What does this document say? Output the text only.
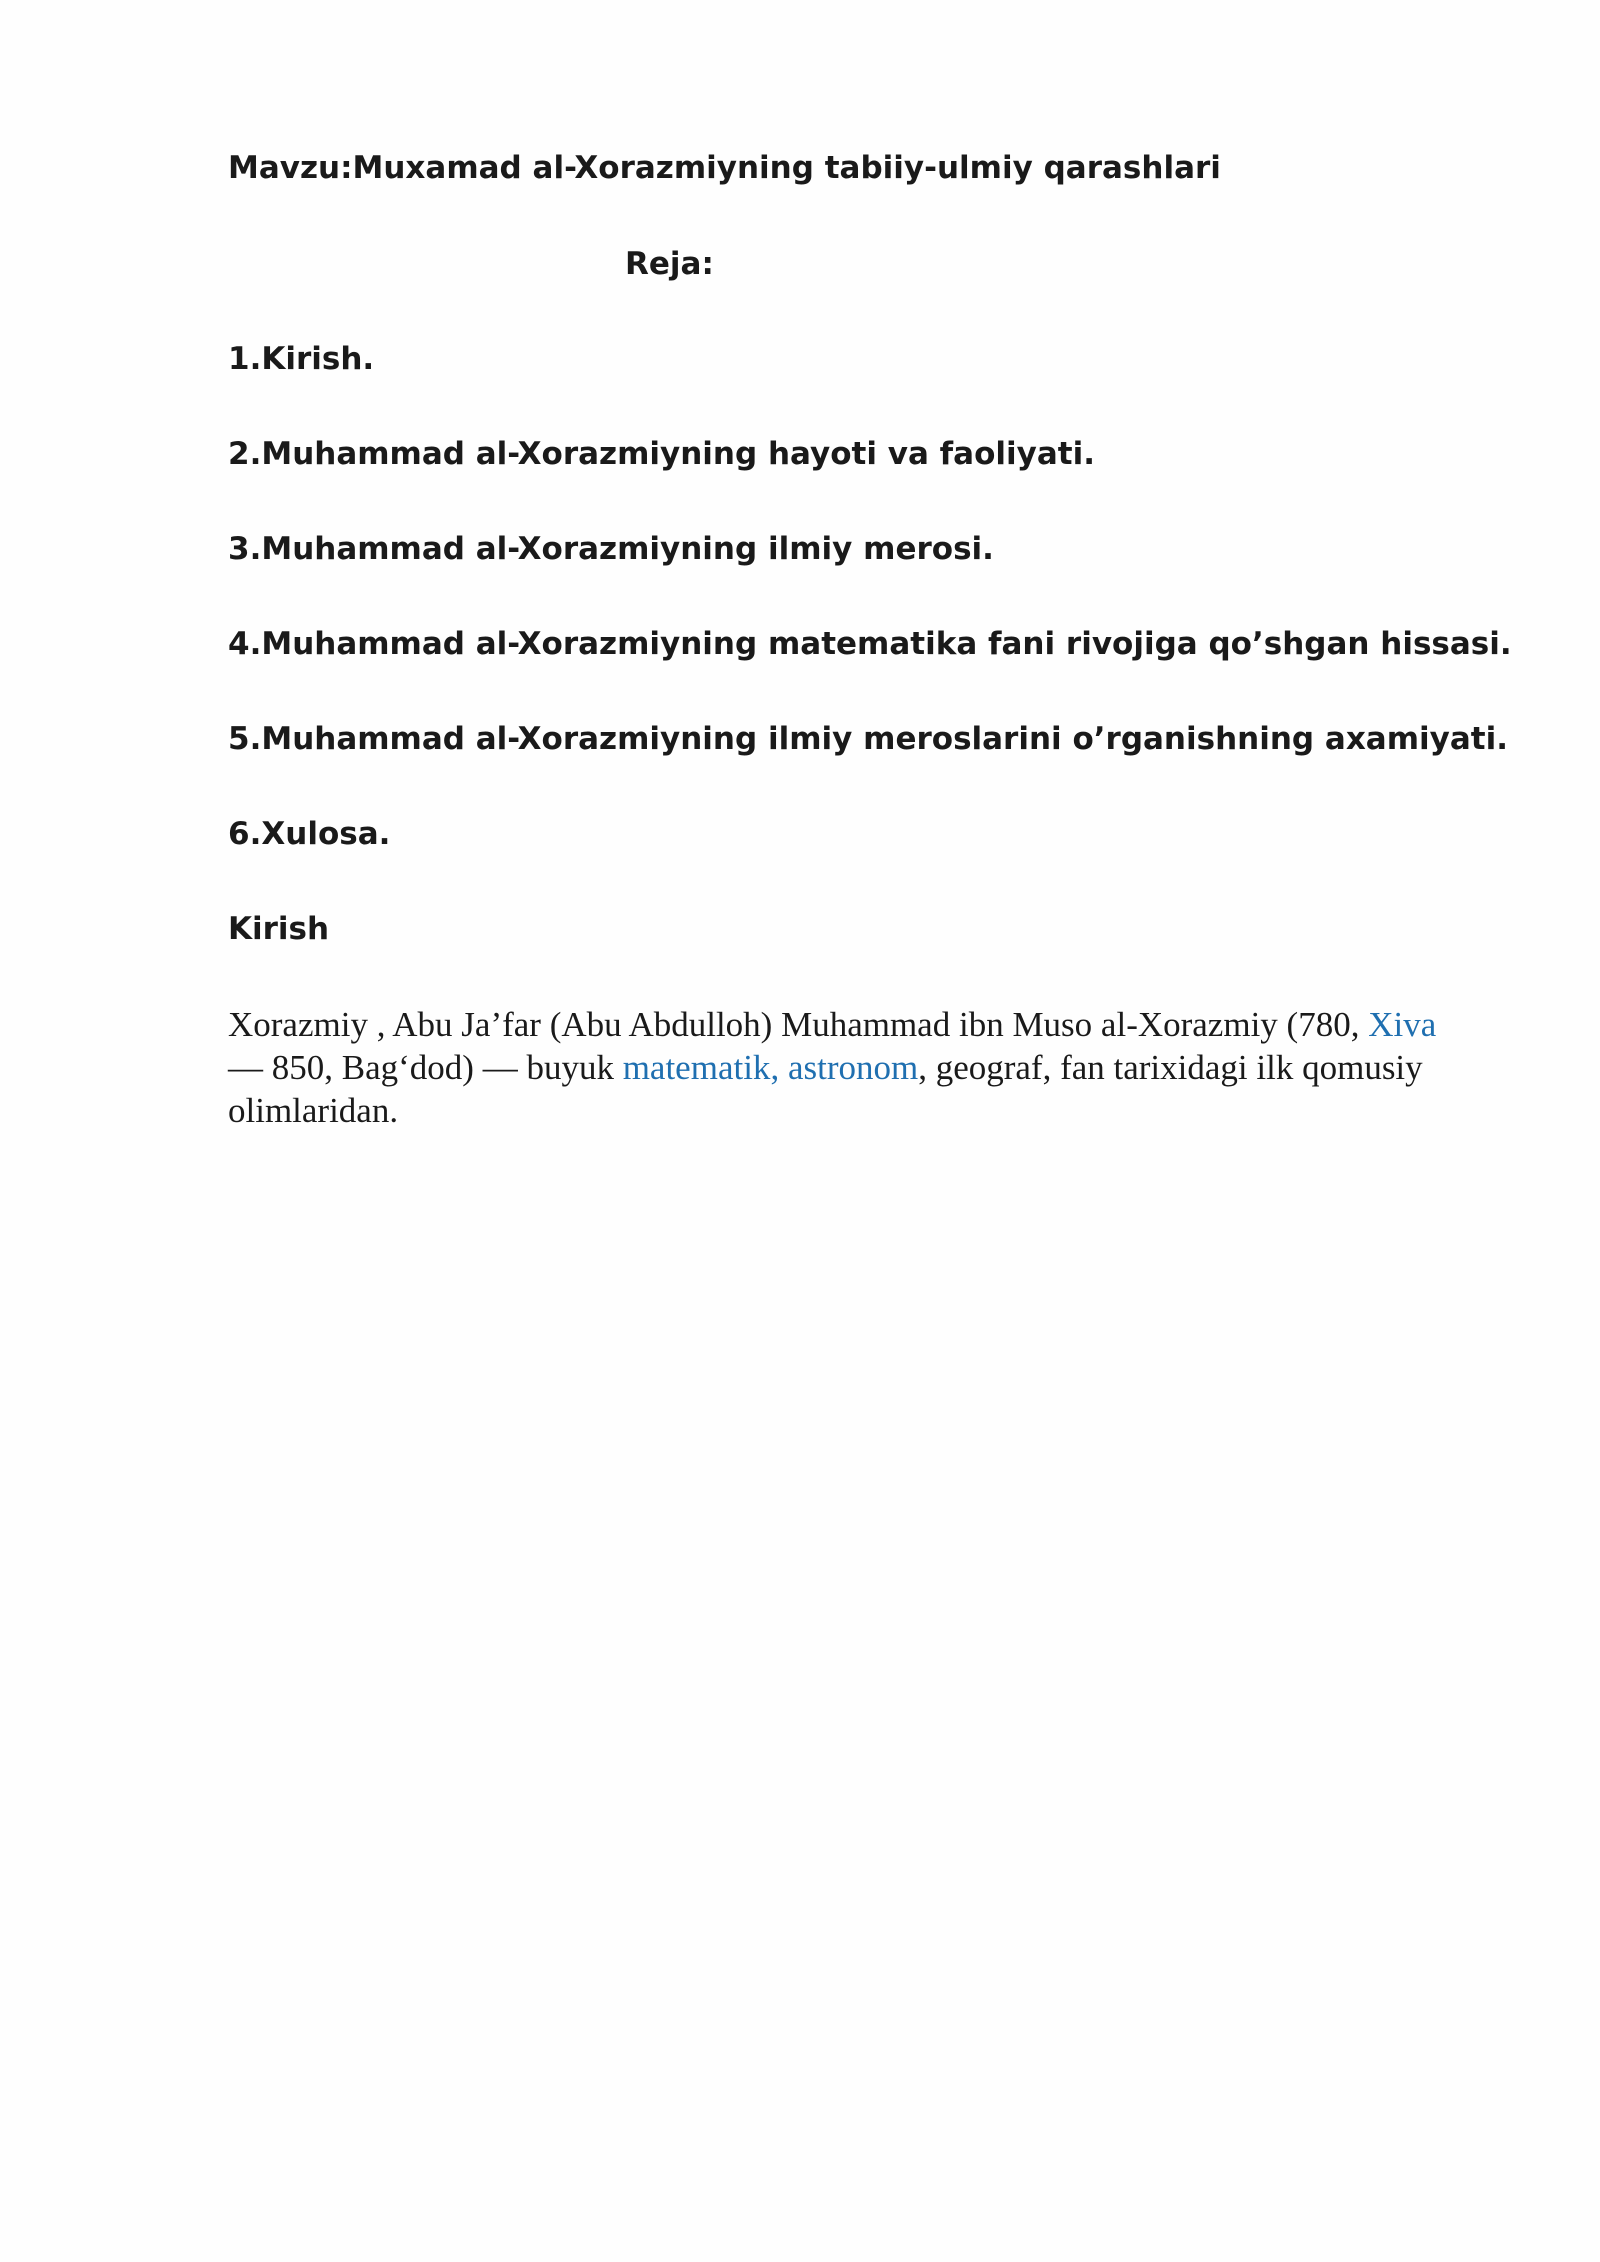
Mavzu:Muxamad al-Xorazmiyning tabiiy-ulmiy qarashlari

Reja:

1.Kirish.
2.Muhammad al-Xorazmiyning hayoti va faoliyati.
3.Muhammad al-Xorazmiyning ilmiy merosi.
4.Muhammad al-Xorazmiyning matematika fani rivojiga qo’shgan hissasi.
5.Muhammad al-Xorazmiyning ilmiy meroslarini o’rganishning axamiyati.
6.Xulosa.

Kirish

Xorazmiy , Abu Ja’far (Abu Abdulloh) Muhammad ibn Muso al-Xorazmiy (780, Xiva — 850, Bag‘dod) — buyuk matematik, astronom, geograf, fan tarixidagi ilk qomusiy olimlaridan.
